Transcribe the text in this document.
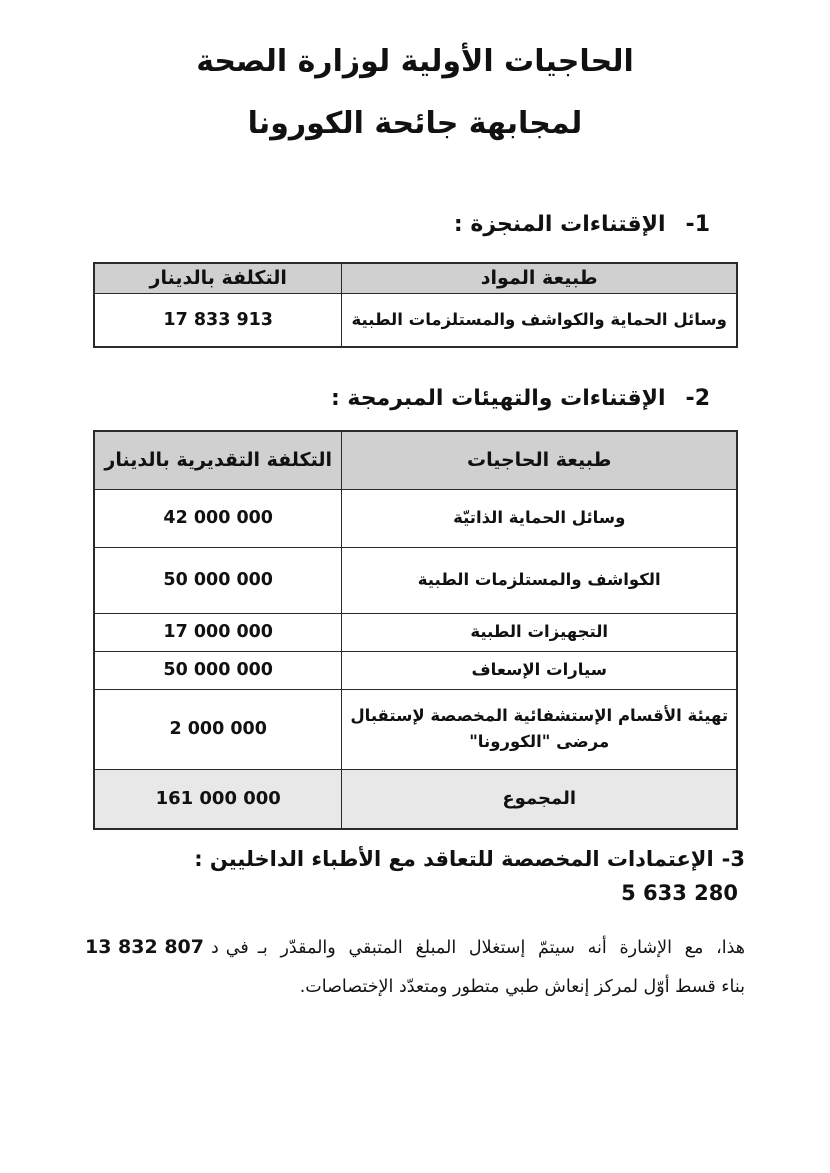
الحاجيات الأولية لوزارة الصحة
لمجابهة جائحة الكورونا
1-الإقتناءات المنجزة :
طبيعة المواد	التكلفة بالدينار
وسائل الحماية والكواشف والمستلزمات الطبية	17 833 913
2-الإقتناءات والتهيئات المبرمجة :
طبيعة الحاجيات	التكلفة التقديرية بالدينار
وسائل الحماية الذاتيّة	42 000 000
الكواشف والمستلزمات الطبية	50 000 000
التجهيزات الطبية	17 000 000
سيارات الإسعاف	50 000 000
تهيئة الأقسام الإستشفائية المخصصة لإستقبال مرضى "الكورونا"	2 000 000
المجموع	161 000 000
3-الإعتمادات المخصصة للتعاقد مع الأطباء الداخليين :5 633 280
13 832 807 د في هذا، مع الإشارة أنه سيتمّ إستغلال المبلغ المتبقي والمقدّر بـ
بناء قسط أوّل لمركز إنعاش طبي متطور ومتعدّد الإختصاصات.
